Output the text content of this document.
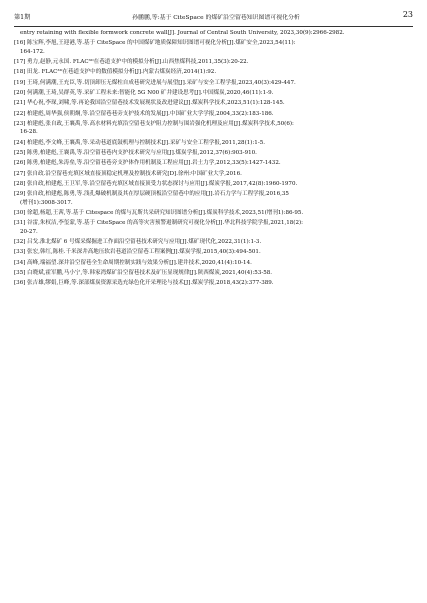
第1期	孙鹏鹏,等:基于 CiteSpace 的煤矿沿空留巷知识图谱可视化分析	23
entry retaining with flexible formwork concrete wall[J]. Journal of Central South University, 2023,30(9):2966-2982.
[16] 陈宝辉,李旭,王迎港,等.基于 CiteSpace 的中国煤矿地质保障知识图谱可视化分析[J].煤矿安全,2023,54(11):
164-172.
[17] 勇力,赵静,元永国. FLAC³ᴰ在巷道支护中的模拟分析[J].山西焦煤科技,2011,35(3):20-22.
[18] 田龙. FLAC³ᴰ在巷道支护中的数值模拟分析[J].内蒙古煤炭经济,2014(1):92.
[19] 王琦,何满潮,王充臣,等.切顶卸压无煤柱自成巷研究进展与展望[J].采矿与安全工程学报,2023,40(3):429-447.
[20] 何满潮,王琦,吴群英,等.采矿工程未来:智能化 5G N00 矿井建设思考[J].中国煤炭,2020,46(11):1-9.
[21] 华心祝,李琛,刘啸,等.再论我国沿空留巷技术发展现状及改进建议[J].煤炭科学技术,2023,51(1):128-145.
[22] 柏建彪,周华强,侯朝炯,等.沿空留巷巷旁支护技术的发展[J].中国矿业大学学报,2004,33(2):183-186.
[23] 柏建彪,张自政,王襄禹,等.高水材料充填沿空留巷支护阻力控制与围岩强化机理及应用[J].煤炭科学技术,50(6):
16-28.
[24] 柏建彪,李文峰,王襄禹,等.采动巷道底鼓机理与控制技术[J].采矿与安全工程学报,2011,28(1):1-5.
[25] 陈勇,柏建彪,王襄禹,等.沿空留巷巷内支护技术研究与应用[J].煤炭学报,2012,37(6):903-910.
[26] 陈勇,柏建彪,朱涛垒,等.沿空留巷巷旁支护体作用机制及工程应用[J].岩土力学,2012,33(5):1427-1432.
[27] 张自政.沿空留巷充填区域直接顶稳定机理及控制技术研究[D].徐州:中国矿业大学,2016.
[28] 张自政,柏建彪,王卫军,等.沿空留巷充填区域直接顶受力状态探讨与应用[J].煤炭学报,2017,42(8):1960-1970.
[29] 张自政,柏建彪,陈勇,等.浅孔爆破机制及其在厚层硬顶板沿空留巷中的应用[J].岩石力学与工程学报,2016,35
(增刊1):3008-3017.
[30] 徐超,杨超,王茜,等.基于 Citespace 的煤与瓦斯共采研究知识图谱分析[J].煤炭科学技术,2023,51(增刊1):86-95.
[31] 谷雷,朱权洁,李玺蒙,等.基于 CiteSpace 的高等灾害预警遏制研究可视化分析[J].华北科技学院学报,2021,18(2):
20-27.
[32] 吕戈.淮北煤矿 6 号煤采煤掘进工作面沿空留巷技术研究与应用[J].煤矿现代化,2022,31(1):1-3.
[33] 张宏,韩红,陈桂.千米深井高地压软岩巷道沿空留巷工程案例[J].煤炭学报,2015,40(3):494-501.
[34] 高峰,端福望.深井沿空留巷全生命周期控制实践与效果分析[J].建井技术,2020,41(4):10-14.
[35] 白晓斌,霍军鹏,马小宁,等.韩家湾煤矿沿空留巷技术及矿压显现规律[J].陕西煤炭,2021,40(4):53-58.
[36] 张吉雄,缪娟,巨峰,等.深部煤炭资源采选充绿色化开采理论与技术[J].煤炭学报,2018,43(2):377-389.
